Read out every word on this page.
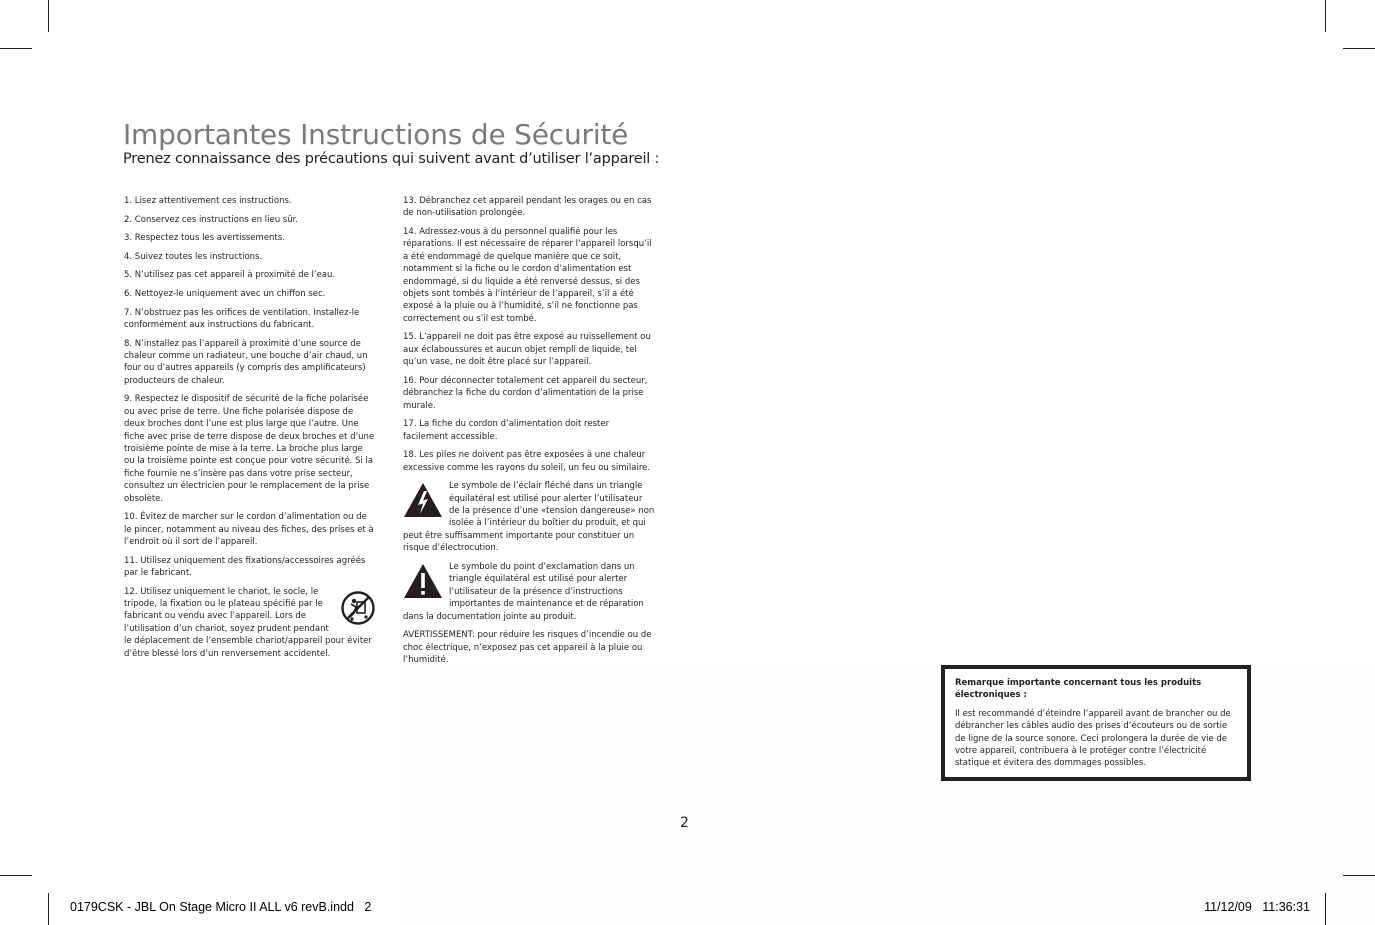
Importantes Instructions de Sécurité
Prenez connaissance des précautions qui suivent avant d’utiliser l’appareil :

1. Lisez attentivement ces instructions.

2. Conservez ces instructions en lieu sûr.

3. Respectez tous les avertissements.

4. Suivez toutes les instructions.

5. N’utilisez pas cet appareil à proximité de l’eau.

6. Nettoyez-le uniquement avec un chiffon sec.

7. N’obstruez pas les orifices de ventilation. Installez-le conformément aux instructions du fabricant.

8. N’installez pas l’appareil à proximité d’une source de chaleur comme un radiateur, une bouche d’air chaud, un four ou d’autres appareils (y compris des amplificateurs) producteurs de chaleur.

9. Respectez le dispositif de sécurité de la fiche polarisée ou avec prise de terre. Une fiche polarisée dispose de deux broches dont l’une est plus large que l’autre. Une fiche avec prise de terre dispose de deux broches et d’une troisième pointe de mise à la terre. La broche plus large ou la troisième pointe est conçue pour votre sécurité. Si la fiche fournie ne s’insère pas dans votre prise secteur, consultez un électricien pour le remplacement de la prise obsolète.

10. Évitez de marcher sur le cordon d’alimentation ou de le pincer, notamment au niveau des fiches, des prises et à l’endroit où il sort de l’appareil.

11. Utilisez uniquement des fixations/accessoires agréés par le fabricant.

12. Utilisez uniquement le chariot, le socle, le tripode, la fixation ou le plateau spécifié par le fabricant ou vendu avec l’appareil. Lors de l’utilisation d’un chariot, soyez prudent pendant le déplacement de l’ensemble chariot/appareil pour éviter d’être blessé lors d’un renversement accidentel.

13. Débranchez cet appareil pendant les orages ou en cas de non-utilisation prolongée.

14. Adressez-vous à du personnel qualifié pour les réparations. Il est nécessaire de réparer l’appareil lorsqu’il a été endommagé de quelque manière que ce soit, notamment si la fiche ou le cordon d’alimentation est endommagé, si du liquide a été renversé dessus, si des objets sont tombés à l’intérieur de l’appareil, s’il a été exposé à la pluie ou à l’humidité, s’il ne fonctionne pas correctement ou s’il est tombé.

15. L’appareil ne doit pas être exposé au ruissellement ou aux éclaboussures et aucun objet rempli de liquide, tel qu’un vase, ne doit être placé sur l’appareil.

16. Pour déconnecter totalement cet appareil du secteur, débranchez la fiche du cordon d’alimentation de la prise murale.

17. La fiche du cordon d’alimentation doit rester facilement accessible.

18. Les piles ne doivent pas être exposées à une chaleur excessive comme les rayons du soleil, un feu ou similaire.

Le symbole de l’éclair fléché dans un triangle équilatéral est utilisé pour alerter l’utilisateur de la présence d’une «tension dangereuse» non isolée à l’intérieur du boîtier du produit, et qui peut être suffisamment importante pour constituer un risque d’électrocution.

Le symbole du point d’exclamation dans un triangle équilatéral est utilisé pour alerter l’utilisateur de la présence d’instructions importantes de maintenance et de réparation dans la documentation jointe au produit.

AVERTISSEMENT: pour réduire les risques d’incendie ou de choc électrique, n’exposez pas cet appareil à la pluie ou l’humidité.

Remarque importante concernant tous les produits électroniques :

Il est recommandé d’éteindre l’appareil avant de brancher ou de débrancher les câbles audio des prises d’écouteurs ou de sortie de ligne de la source sonore. Ceci prolongera la durée de vie de votre appareil, contribuera à le protéger contre l’électricité statique et évitera des dommages possibles.

2
0179CSK - JBL On Stage Micro II ALL v6 revB.indd   2	11/12/09   11:36:31
